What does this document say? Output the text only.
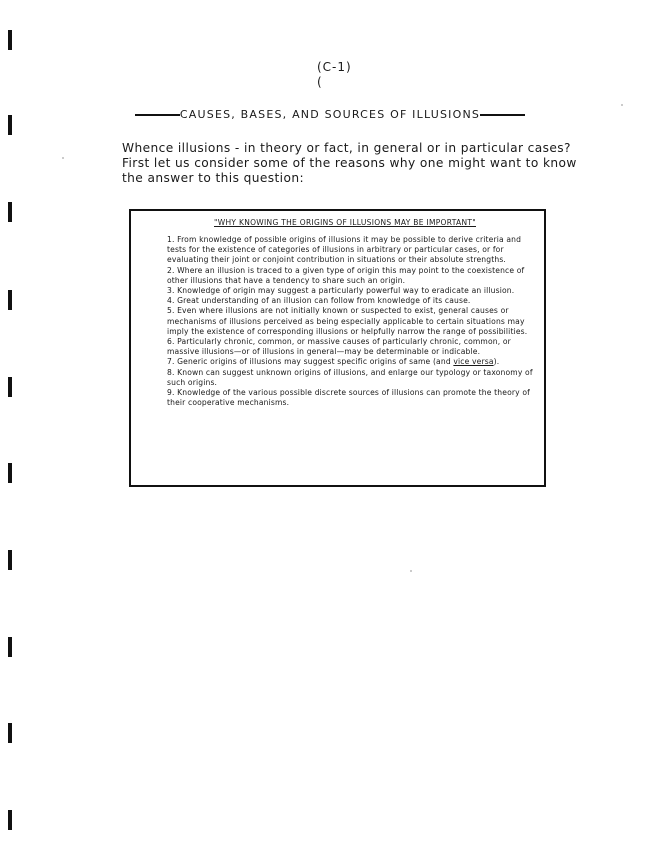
(C-1)
(
CAUSES, BASES, AND SOURCES OF ILLUSIONS

Whence illusions - in theory or fact, in general or in particular cases?

First let us consider some of the reasons why one might want to know the answer to this question:

"WHY KNOWING THE ORIGINS OF ILLUSIONS MAY BE IMPORTANT"

1. From knowledge of possible origins of illusions it may be possible to derive criteria and tests for the existence of categories of illusions in arbitrary or particular cases, or for evaluating their joint or conjoint contribution in situations or their absolute strengths.

2. Where an illusion is traced to a given type of origin this may point to the coexistence of other illusions that have a tendency to share such an origin.

3. Knowledge of origin may suggest a particularly powerful way to eradicate an illusion.

4. Great understanding of an illusion can follow from knowledge of its cause.

5. Even where illusions are not initially known or suspected to exist, general causes or mechanisms of illusions perceived as being especially applicable to certain situations may imply the existence of corresponding illusions or helpfully narrow the range of possibilities.

6. Particularly chronic, common, or massive causes of particularly chronic, common, or massive illusions—or of illusions in general—may be determinable or indicable.

7. Generic origins of illusions may suggest specific origins of same (and vice versa).

8. Known can suggest unknown origins of illusions, and enlarge our typology or taxonomy of such origins.

9. Knowledge of the various possible discrete sources of illusions can promote the theory of their cooperative mechanisms.
